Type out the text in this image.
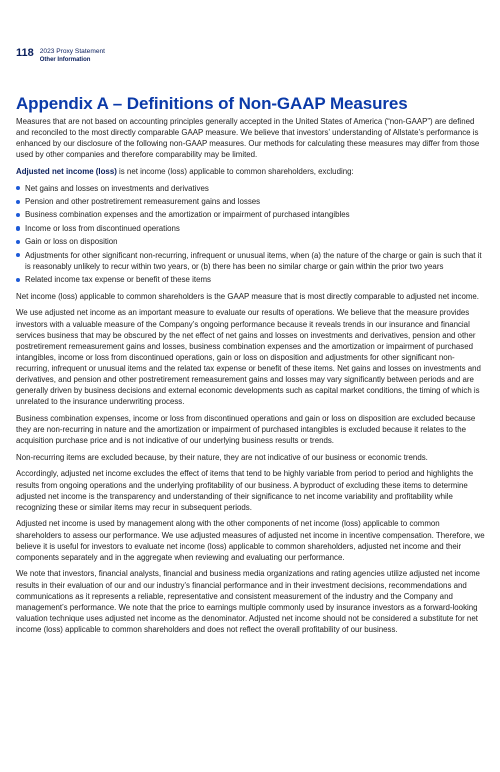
118 2023 Proxy Statement
Other Information
Appendix A – Definitions of Non-GAAP Measures

Measures that are not based on accounting principles generally accepted in the United States of America (“non-GAAP”) are defined and reconciled to the most directly comparable GAAP measure. We believe that investors’ understanding of Allstate’s performance is enhanced by our disclosure of the following non-GAAP measures. Our methods for calculating these measures may differ from those used by other companies and therefore comparability may be limited.

Adjusted net income (loss) is net income (loss) applicable to common shareholders, excluding:

Net gains and losses on investments and derivatives
Pension and other postretirement remeasurement gains and losses
Business combination expenses and the amortization or impairment of purchased intangibles
Income or loss from discontinued operations
Gain or loss on disposition
Adjustments for other significant non-recurring, infrequent or unusual items, when (a) the nature of the charge or gain is such that it is reasonably unlikely to recur within two years, or (b) there has been no similar charge or gain within the prior two years
Related income tax expense or benefit of these items

Net income (loss) applicable to common shareholders is the GAAP measure that is most directly comparable to adjusted net income.

We use adjusted net income as an important measure to evaluate our results of operations. We believe that the measure provides investors with a valuable measure of the Company’s ongoing performance because it reveals trends in our insurance and financial services business that may be obscured by the net effect of net gains and losses on investments and derivatives, pension and other postretirement remeasurement gains and losses, business combination expenses and the amortization or impairment of purchased intangibles, income or loss from discontinued operations, gain or loss on disposition and adjustments for other significant non-recurring, infrequent or unusual items and the related tax expense or benefit of these items. Net gains and losses on investments and derivatives, and pension and other postretirement remeasurement gains and losses may vary significantly between periods and are generally driven by business decisions and external economic developments such as capital market conditions, the timing of which is unrelated to the insurance underwriting process.

Business combination expenses, income or loss from discontinued operations and gain or loss on disposition are excluded because they are non-recurring in nature and the amortization or impairment of purchased intangibles is excluded because it relates to the acquisition purchase price and is not indicative of our underlying business results or trends.

Non-recurring items are excluded because, by their nature, they are not indicative of our business or economic trends.

Accordingly, adjusted net income excludes the effect of items that tend to be highly variable from period to period and highlights the results from ongoing operations and the underlying profitability of our business. A byproduct of excluding these items to determine adjusted net income is the transparency and understanding of their significance to net income variability and profitability while recognizing these or similar items may recur in subsequent periods.

Adjusted net income is used by management along with the other components of net income (loss) applicable to common shareholders to assess our performance. We use adjusted measures of adjusted net income in incentive compensation. Therefore, we believe it is useful for investors to evaluate net income (loss) applicable to common shareholders, adjusted net income and their components separately and in the aggregate when reviewing and evaluating our performance.

We note that investors, financial analysts, financial and business media organizations and rating agencies utilize adjusted net income results in their evaluation of our and our industry’s financial performance and in their investment decisions, recommendations and communications as it represents a reliable, representative and consistent measurement of the industry and the Company and management’s performance. We note that the price to earnings multiple commonly used by insurance investors as a forward-looking valuation technique uses adjusted net income as the denominator. Adjusted net income should not be considered a substitute for net income (loss) applicable to common shareholders and does not reflect the overall profitability of our business.
